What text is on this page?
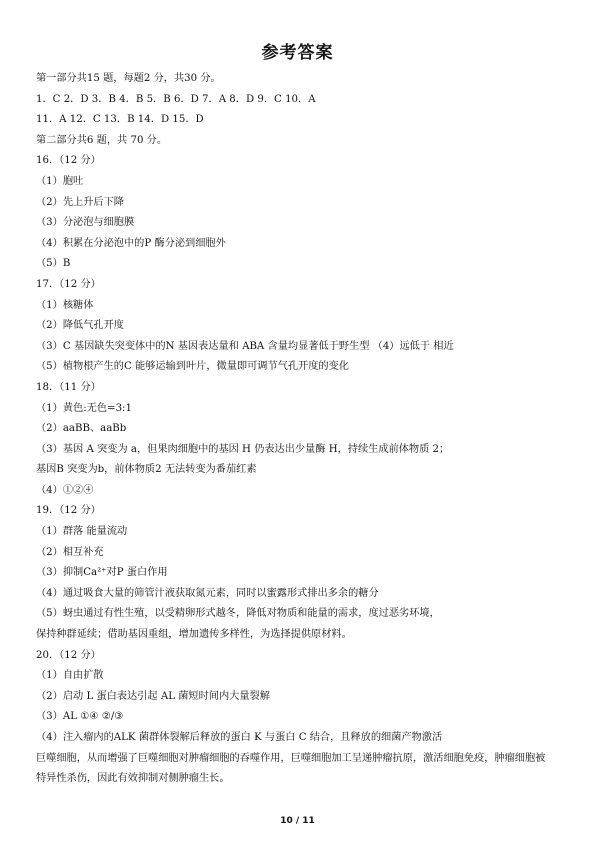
参考答案
第一部分共15 题，每题2 分，共30 分。
1．C 2．D 3．B 4．B 5．B 6．D 7．A 8．D 9．C 10．A
11．A 12．C 13．B 14．D 15．D
第二部分共6 题，共 70 分。
16．（12 分）
（1）胞吐
（2）先上升后下降
（3）分泌泡与细胞膜
（4）积累在分泌泡中的P 酶分泌到细胞外
（5）B
17．（12 分）
（1）核糖体
（2）降低气孔开度
（3）C 基因缺失突变体中的N 基因表达量和 ABA 含量均显著低于野生型 （4）远低于 相近
（5）植物根产生的C 能够运输到叶片，微量即可调节气孔开度的变化
18．（11 分）
（1）黄色:无色=3:1
（2）aaBB、aaBb
（3）基因 A 突变为 a，但果肉细胞中的基因 H 仍表达出少量酶 H，持续生成前体物质 2；
基因B 突变为b，前体物质2 无法转变为番茄红素
（4）①②④
19．（12 分）
（1）群落 能量流动
（2）相互补充
（3）抑制Ca²⁺对P 蛋白作用
（4）通过吸食大量的筛管汁液获取氮元素，同时以蜜露形式排出多余的糖分
（5）蚜虫通过有性生殖，以受精卵形式越冬，降低对物质和能量的需求，度过恶劣环境，
保持种群延续；借助基因重组，增加遗传多样性，为选择提供原材料。
20．（12 分）
（1）自由扩散
（2）启动 L 蛋白表达引起 AL 菌短时间内大量裂解
（3）AL ①④ ②/③
（4）注入瘤内的ALK 菌群体裂解后释放的蛋白 K 与蛋白 C 结合，且释放的细菌产物激活
巨噬细胞，从而增强了巨噬细胞对肿瘤细胞的吞噬作用，巨噬细胞加工呈递肿瘤抗原，激活细胞免疫，肿瘤细胞被
特异性杀伤，因此有效抑制对侧肿瘤生长。
10 / 11
